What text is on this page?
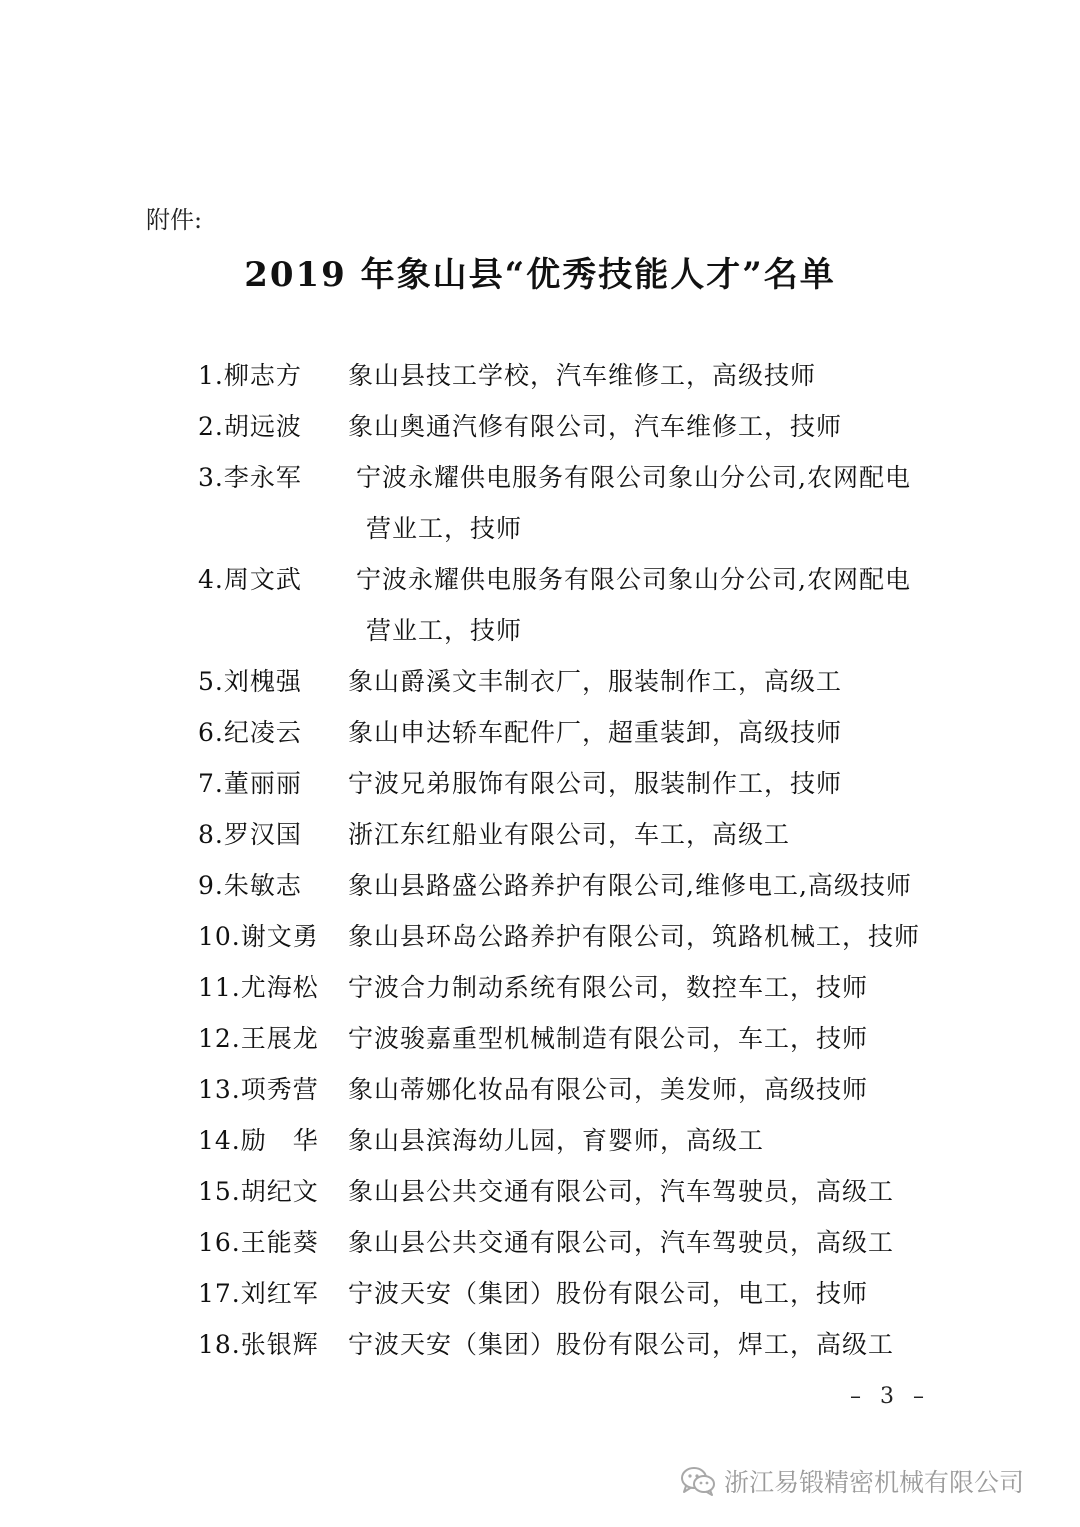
附件:
2019 年象山县“优秀技能人才”名单
1.柳志方	象山县技工学校，汽车维修工，高级技师
2.胡远波	象山奥通汽修有限公司，汽车维修工，技师
3.李永军	宁波永耀供电服务有限公司象山分公司,农网配电
营业工，技师
4.周文武	宁波永耀供电服务有限公司象山分公司,农网配电
营业工，技师
5.刘槐强	象山爵溪文丰制衣厂，服装制作工，高级工
6.纪凌云	象山申达轿车配件厂，超重装卸，高级技师
7.董丽丽	宁波兄弟服饰有限公司，服装制作工，技师
8.罗汉国	浙江东红船业有限公司，车工，高级工
9.朱敏志	象山县路盛公路养护有限公司,维修电工,高级技师
10.谢文勇	象山县环岛公路养护有限公司，筑路机械工，技师
11.尤海松	宁波合力制动系统有限公司，数控车工，技师
12.王展龙	宁波骏嘉重型机械制造有限公司，车工，技师
13.项秀营	象山蒂娜化妆品有限公司，美发师，高级技师
14.励　华	象山县滨海幼儿园，育婴师，高级工
15.胡纪文	象山县公共交通有限公司，汽车驾驶员，高级工
16.王能葵	象山县公共交通有限公司，汽车驾驶员，高级工
17.刘红军	宁波天安（集团）股份有限公司，电工，技师
18.张银辉	宁波天安（集团）股份有限公司，焊工，高级工
– 3 –
浙江易锻精密机械有限公司
